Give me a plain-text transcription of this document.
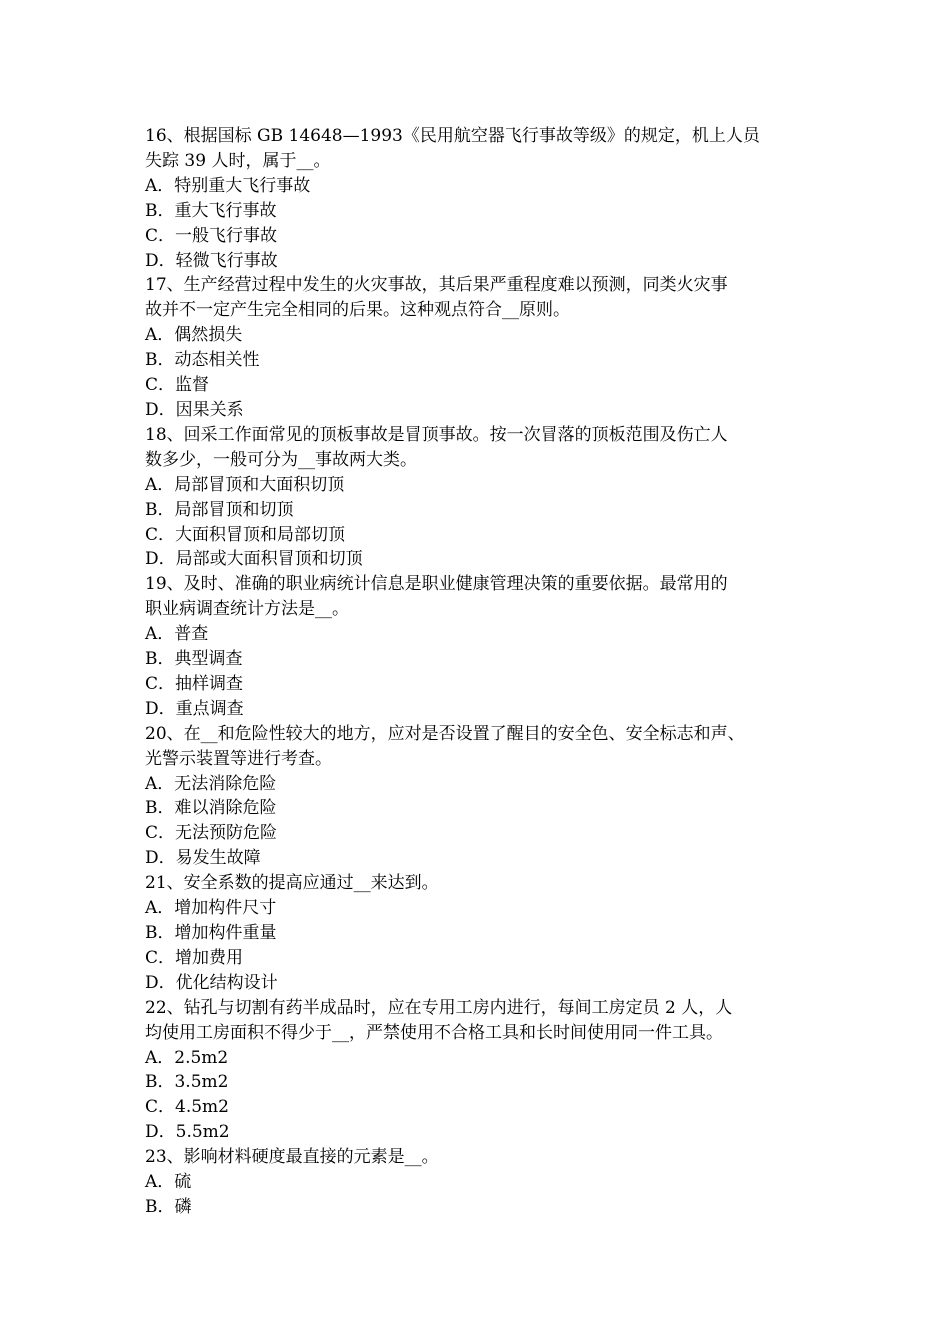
16、根据国标 GB 14648—1993《民用航空器飞行事故等级》的规定，机上人员
失踪 39 人时，属于__。
A．特别重大飞行事故
B．重大飞行事故
C．一般飞行事故
D．轻微飞行事故
17、生产经营过程中发生的火灾事故，其后果严重程度难以预测，同类火灾事
故并不一定产生完全相同的后果。这种观点符合__原则。
A．偶然损失
B．动态相关性
C．监督
D．因果关系
18、回采工作面常见的顶板事故是冒顶事故。按一次冒落的顶板范围及伤亡人
数多少，一般可分为__事故两大类。
A．局部冒顶和大面积切顶
B．局部冒顶和切顶
C．大面积冒顶和局部切顶
D．局部或大面积冒顶和切顶
19、及时、准确的职业病统计信息是职业健康管理决策的重要依据。最常用的
职业病调查统计方法是__。
A．普查
B．典型调查
C．抽样调查
D．重点调查
20、在__和危险性较大的地方，应对是否设置了醒目的安全色、安全标志和声、
光警示装置等进行考查。
A．无法消除危险
B．难以消除危险
C．无法预防危险
D．易发生故障
21、安全系数的提高应通过__来达到。
A．增加构件尺寸
B．增加构件重量
C．增加费用
D．优化结构设计
22、钻孔与切割有药半成品时，应在专用工房内进行，每间工房定员 2 人，人
均使用工房面积不得少于__，严禁使用不合格工具和长时间使用同一件工具。
A．2.5m2
B．3.5m2
C．4.5m2
D．5.5m2
23、影响材料硬度最直接的元素是__。
A．硫
B．磷
